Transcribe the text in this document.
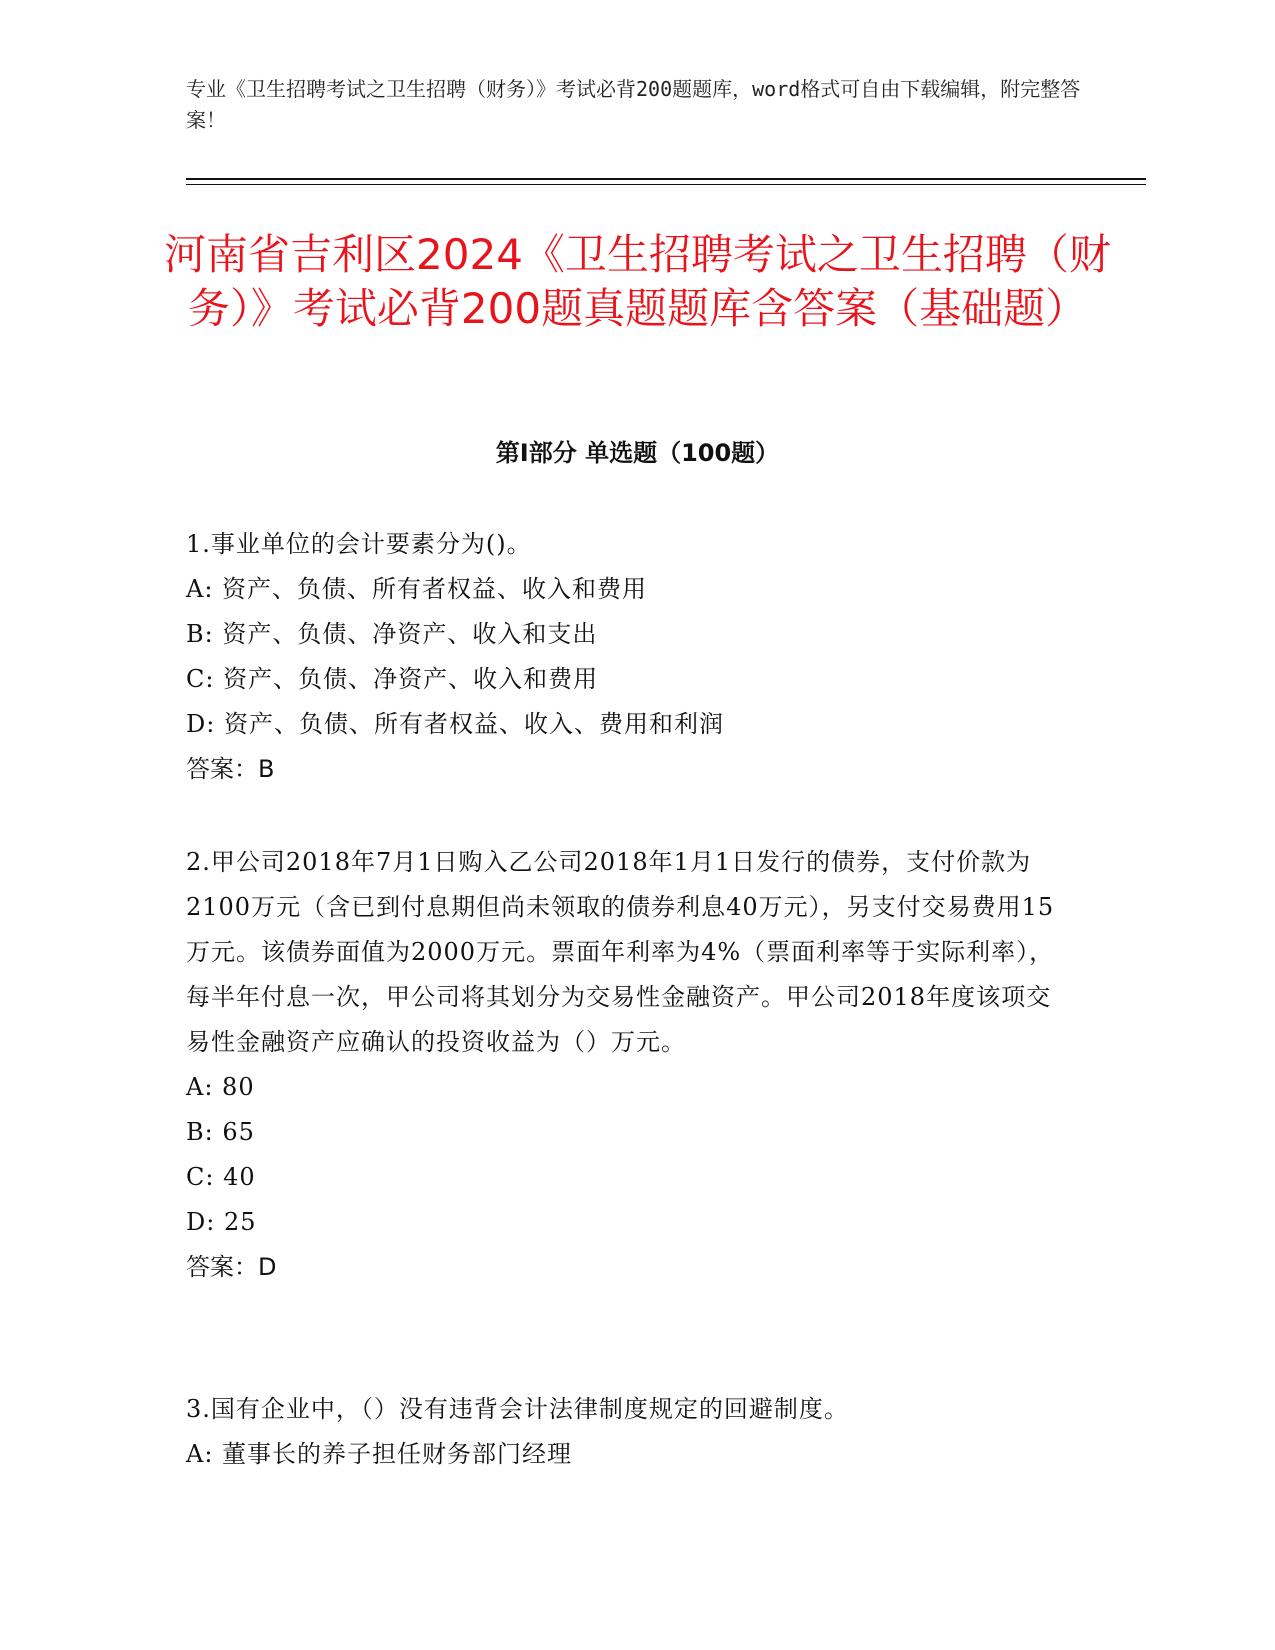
专业《卫生招聘考试之卫生招聘（财务）》考试必背200题题库，word格式可自由下载编辑，附完整答案！
河南省吉利区2024《卫生招聘考试之卫生招聘（财务）》考试必背200题真题题库含答案（基础题）
第Ⅰ部分 单选题（100题）
1.事业单位的会计要素分为()。
A: 资产、负债、所有者权益、收入和费用
B: 资产、负债、净资产、收入和支出
C: 资产、负债、净资产、收入和费用
D: 资产、负债、所有者权益、收入、费用和利润
答案：B
2.甲公司2018年7月1日购入乙公司2018年1月1日发行的债券，支付价款为2100万元（含已到付息期但尚未领取的债券利息40万元），另支付交易费用15万元。该债券面值为2000万元。票面年利率为4%（票面利率等于实际利率），每半年付息一次，甲公司将其划分为交易性金融资产。甲公司2018年度该项交易性金融资产应确认的投资收益为（）万元。
A: 80
B: 65
C: 40
D: 25
答案：D
3.国有企业中，（）没有违背会计法律制度规定的回避制度。
A: 董事长的养子担任财务部门经理
